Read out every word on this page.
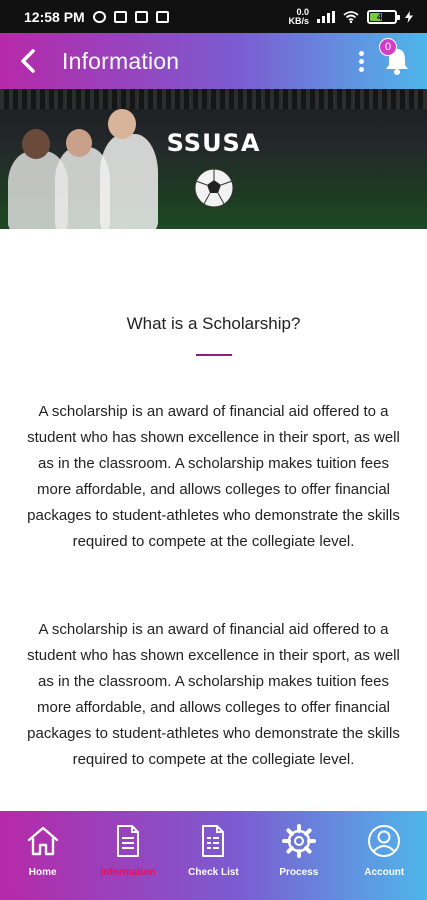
12:58 PM	0.0
KB/s	47
Information
0
SSUSA
What is a Scholarship?

A scholarship is an award of financial aid offered to a student who has shown excellence in their sport, as well as in the classroom. A scholarship makes tuition fees more affordable, and allows colleges to offer financial packages to student-athletes who demonstrate the skills required to compete at the collegiate level.

A scholarship is an award of financial aid offered to a student who has shown excellence in their sport, as well as in the classroom. A scholarship makes tuition fees more affordable, and allows colleges to offer financial packages to student-athletes who demonstrate the skills required to compete at the collegiate level.

Home	Information	Check List	Process	Account
